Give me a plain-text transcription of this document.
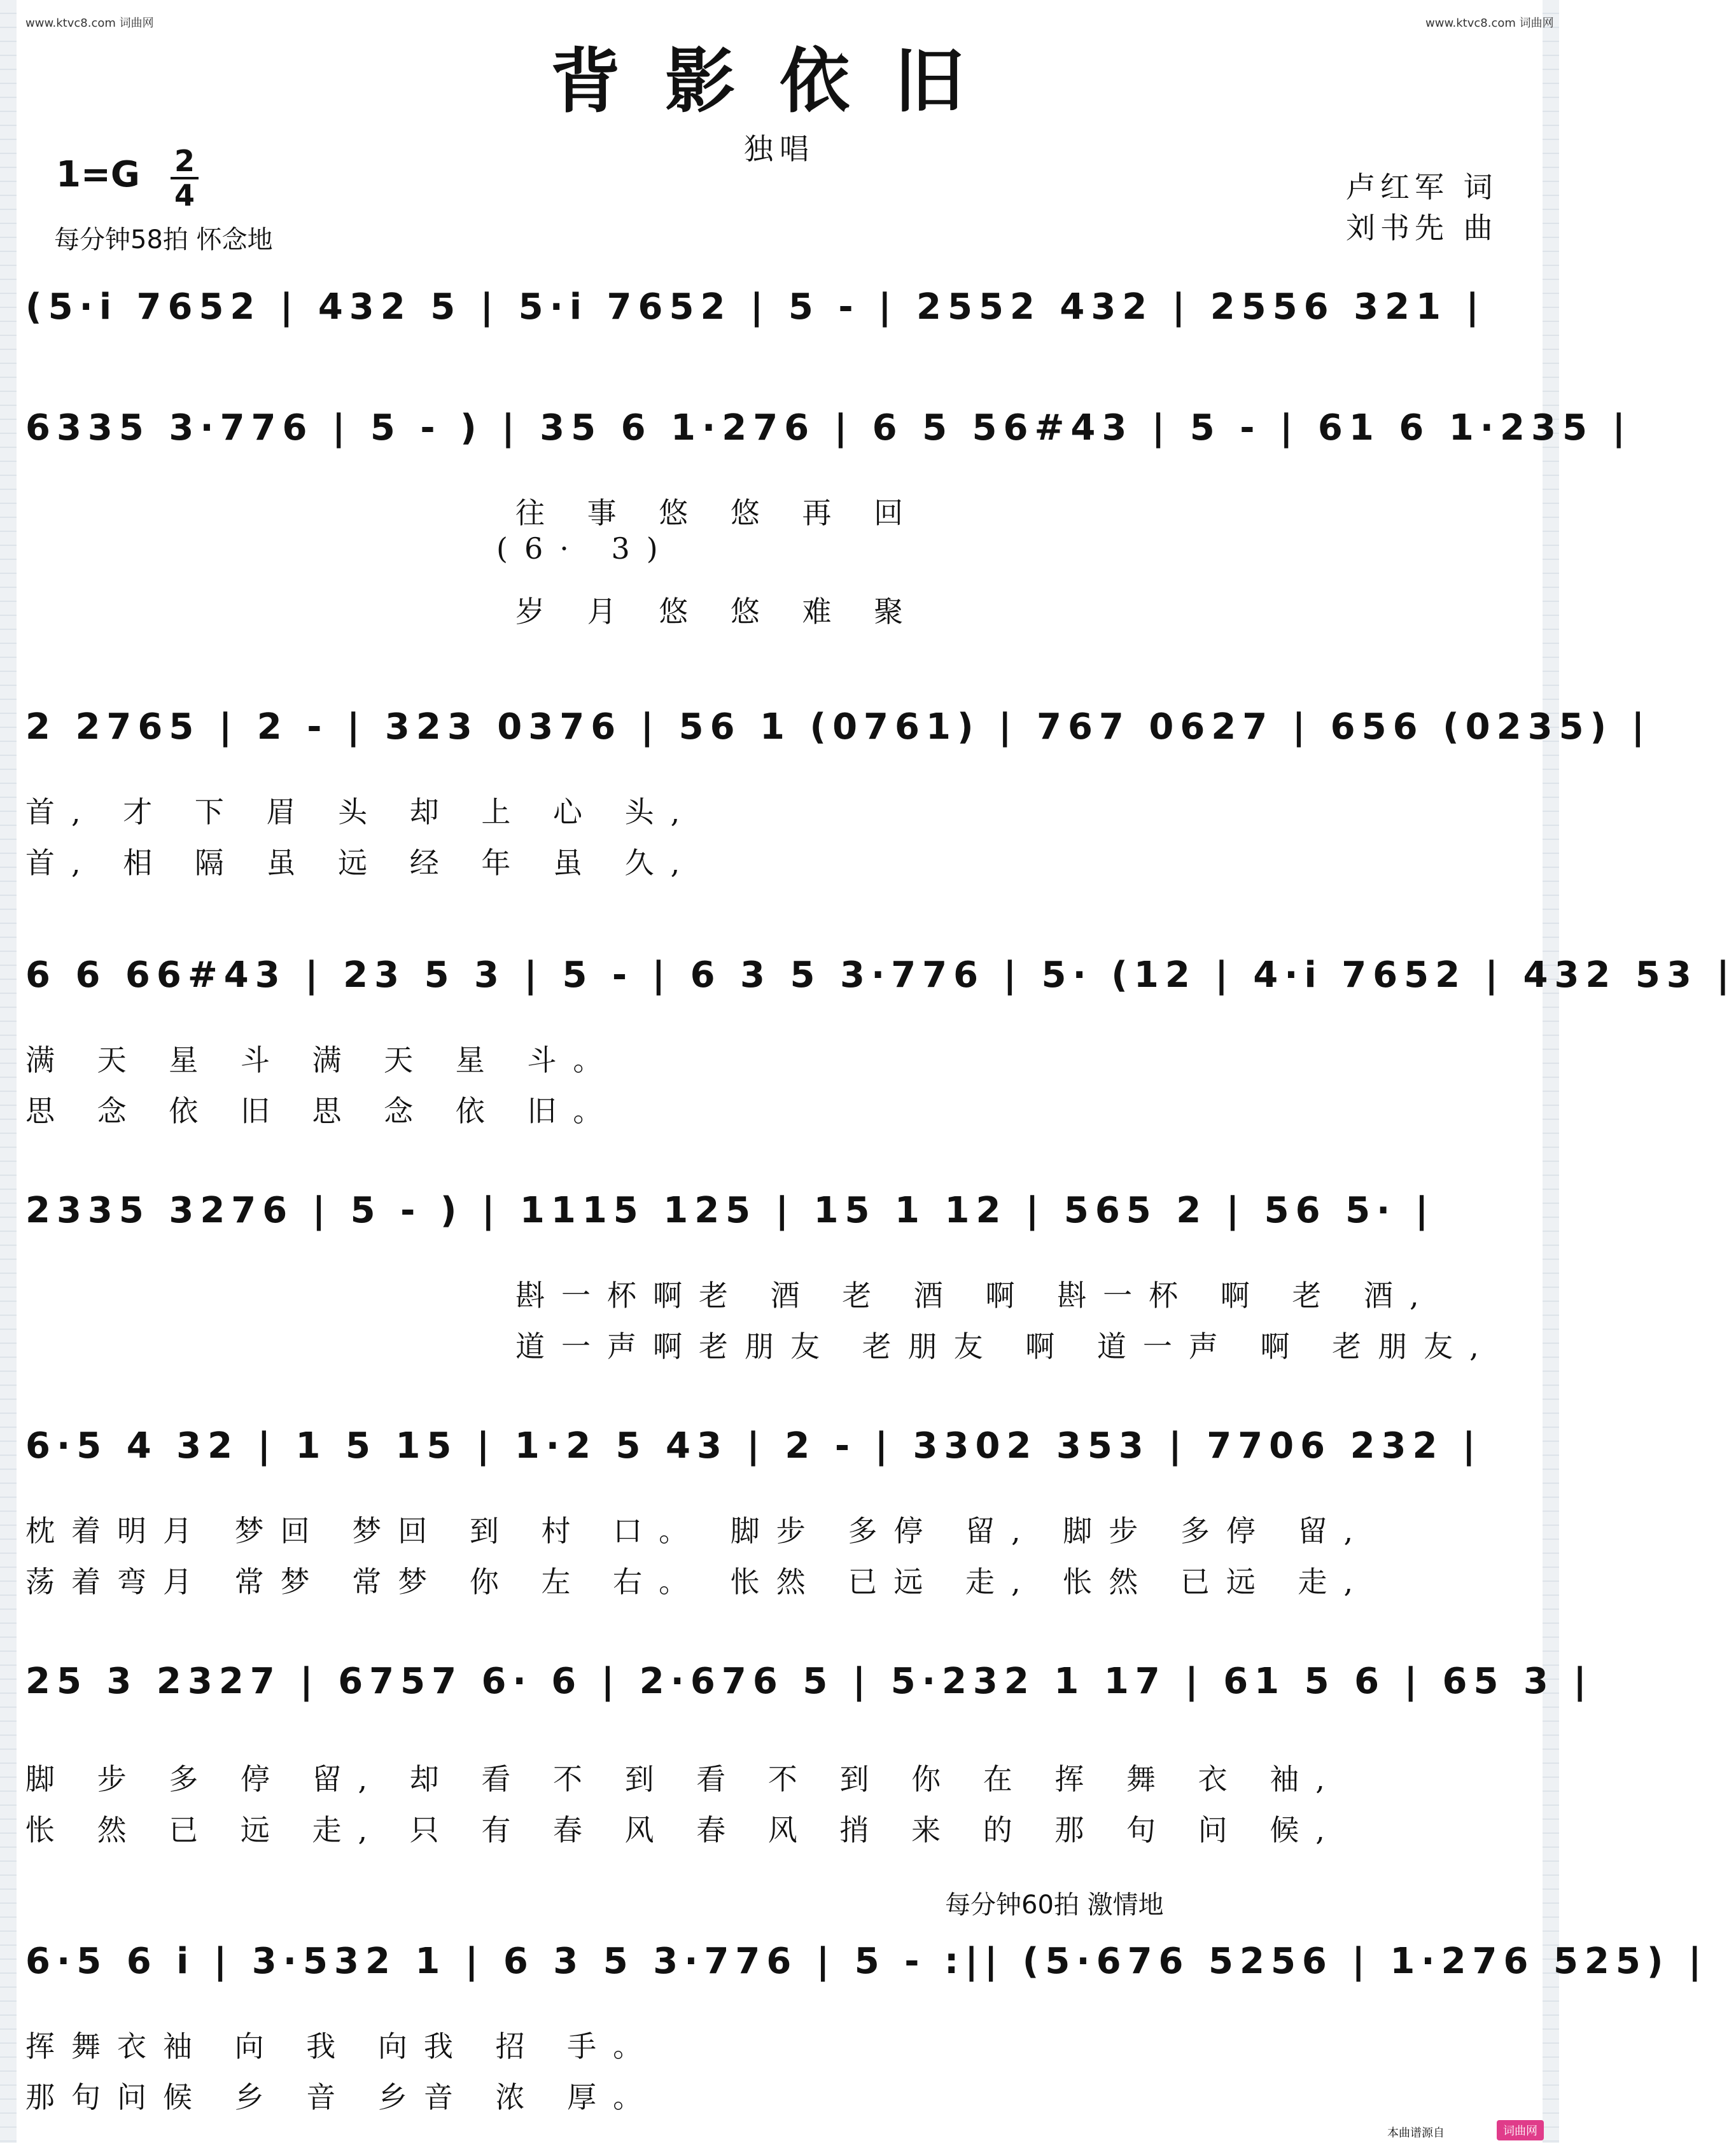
www.ktvc8.com 词曲网	www.ktvc8.com 词曲网
背影依旧
独唱
1=G 2
4
每分钟58拍 怀念地
卢红军 词
刘书先 曲
(5·i 7652 | 432 5 | 5·i 7652 | 5 - | 2552 432 | 2556 321 |
6335 3·776 | 5 - ) | 35 6 1·276 | 6 5 56#43 | 5 - | 61 6 1·235 |
往 事 悠 悠 再 回
(6· 3)
岁 月 悠 悠 难 聚
2 2765 | 2 - | 323 0376 | 56 1 (0761) | 767 0627 | 656 (0235) |
首, 才 下 眉 头 却 上 心 头,
首, 相 隔 虽 远 经 年 虽 久,
6 6 66#43 | 23 5 3 | 5 - | 6 3 5 3·776 | 5· (12 | 4·i 7652 | 432 53 |
满 天 星 斗 满 天 星 斗。
思 念 依 旧 思 念 依 旧。
2335 3276 | 5 - ) | 1115 125 | 15 1 12 | 565 2 | 56 5· |
斟一杯啊老 酒 老 酒 啊 斟一杯 啊 老 酒,
道一声啊老朋友 老朋友 啊 道一声 啊 老朋友,
6·5 4 32 | 1 5 15 | 1·2 5 43 | 2 - | 3302 353 | 7706 232 |
枕着明月 梦回 梦回 到 村 口。 脚步 多停 留, 脚步 多停 留,
荡着弯月 常梦 常梦 你 左 右。 怅然 已远 走, 怅然 已远 走,
25 3 2327 | 6757 6· 6 | 2·676 5 | 5·232 1 17 | 61 5 6 | 65 3 |
脚 步 多 停 留, 却 看 不 到 看 不 到 你 在 挥 舞 衣 袖,
怅 然 已 远 走, 只 有 春 风 春 风 捎 来 的 那 句 问 候,
每分钟60拍 激情地
6·5 6 i | 3·532 1 | 6 3 5 3·776 | 5 - :|| (5·676 5256 | 1·276 525) |
挥舞衣袖 向 我 向我 招 手。
那句问候 乡 音 乡音 浓 厚。
本曲谱源自	词曲网
